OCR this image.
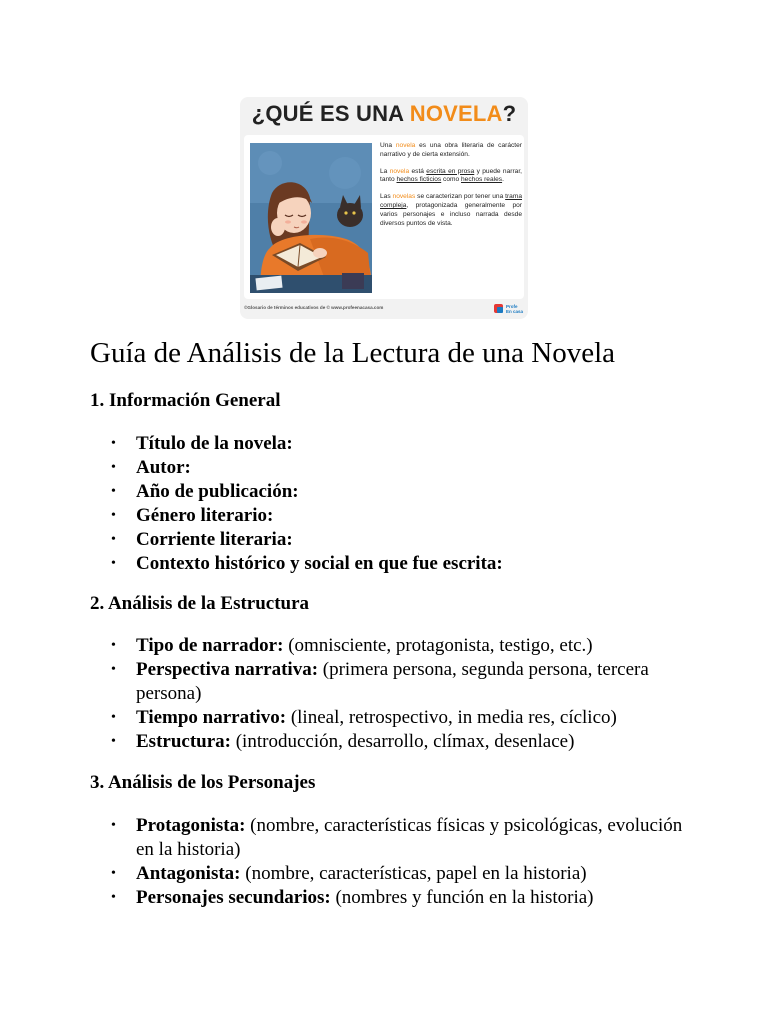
¿QUÉ ES UNA NOVELA?

Una novela es una obra literaria de carácter narrativo y de cierta extensión.

La novela está escrita en prosa y puede narrar, tanto hechos ficticios como hechos reales.

Las novelas se caracterizan por tener una trama compleja, protagonizada generalmente por varios personajes e incluso narrada desde diversos puntos de vista.

©Glosario de términos educativos de © www.profeenacasa.com	Profe
En casa
Guía de Análisis de la Lectura de una Novela
1. Información General
• Título de la novela:
• Autor:
• Año de publicación:
• Género literario:
• Corriente literaria:
• Contexto histórico y social en que fue escrita:
2. Análisis de la Estructura
• Tipo de narrador: (omnisciente, protagonista, testigo, etc.)
• Perspectiva narrativa: (primera persona, segunda persona, tercera persona)
• Tiempo narrativo: (lineal, retrospectivo, in media res, cíclico)
• Estructura: (introducción, desarrollo, clímax, desenlace)
3. Análisis de los Personajes
• Protagonista: (nombre, características físicas y psicológicas, evolución en la historia)
• Antagonista: (nombre, características, papel en la historia)
• Personajes secundarios: (nombres y función en la historia)
